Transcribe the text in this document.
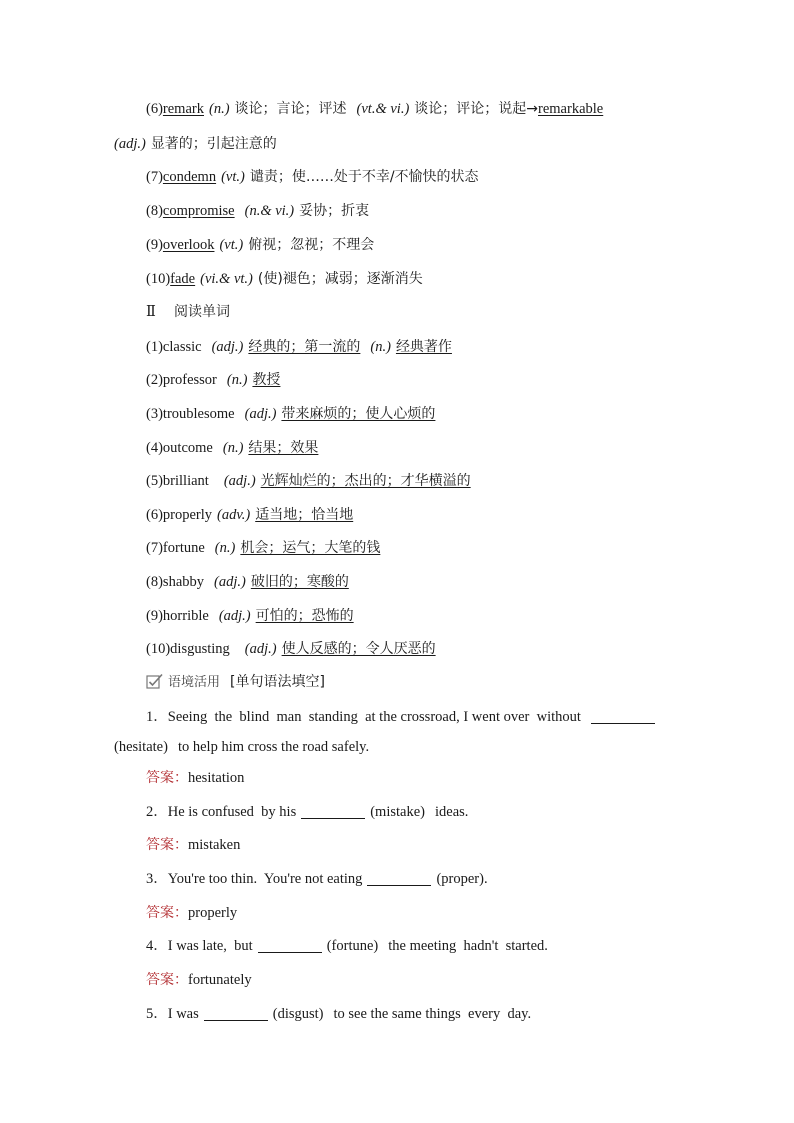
(6)remark (n.) 谈论；言论；评述 (vt.& vi.) 谈论；评论；说起→remarkable
(adj.) 显著的；引起注意的
(7)condemn (vt.) 谴责；使……处于不幸/不愉快的状态
(8)compromise (n.& vi.) 妥协；折衷
(9)overlook (vt.) 俯视；忽视；不理会
(10)fade (vi.& vt.) (使)褪色；减弱；逐渐消失
Ⅱ 阅读单词
(1)classic (adj.) 经典的；第一流的 (n.) 经典著作
(2)professor (n.) 教授
(3)troublesome (adj.) 带来麻烦的；使人心烦的
(4)outcome (n.) 结果；效果
(5)brilliant (adj.) 光辉灿烂的；杰出的；才华横溢的
(6)properly (adv.) 适当地；恰当地
(7)fortune (n.) 机会；运气；大笔的钱
(8)shabby (adj.) 破旧的；寒酸的
(9)horrible (adj.) 可怕的；恐怖的
(10)disgusting (adj.) 使人反感的；令人厌恶的
语境活用 [单句语法填空]
1．Seeing  the  blind  man  standing  at the crossroad, I went over  without
(hesitate) to help him cross the road safely.
答案：hesitation
2．He is confused  by his	(mistake) ideas.
答案：mistaken
3．You're too thin.  You're not eating	(proper).
答案：properly
4．I was late,  but	(fortune) the meeting  hadn't  started.
答案：fortunately
5．I was	(disgust) to see the same things  every  day.
